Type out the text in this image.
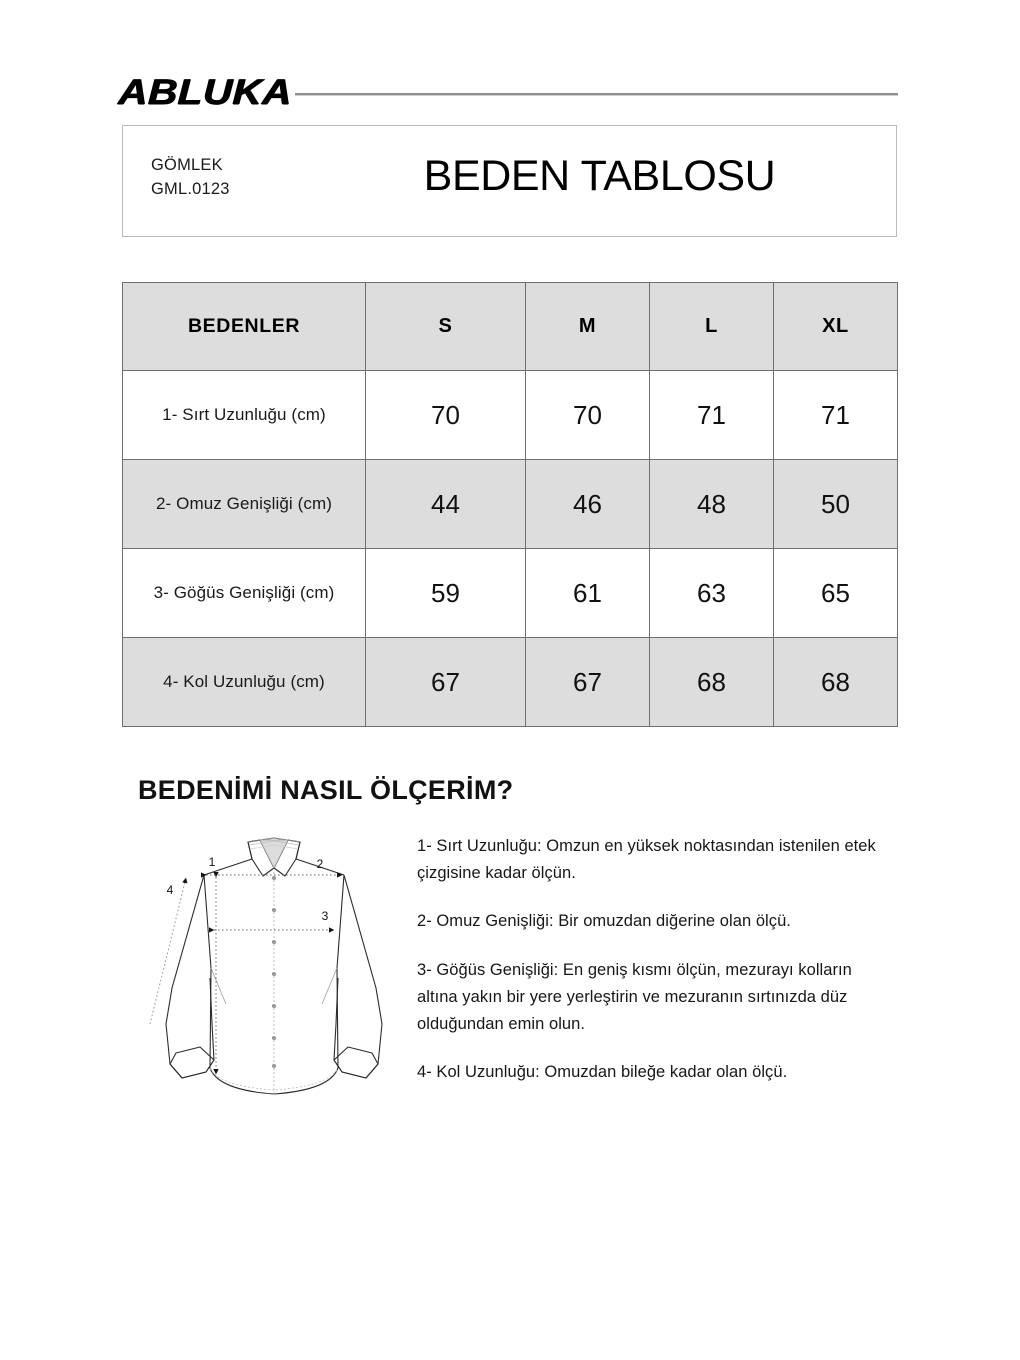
ABLUKA
GÖMLEK
GML.0123	BEDEN TABLOSU
BEDENLER	S	M	L	XL
1- Sırt Uzunluğu (cm)	70	70	71	71
2- Omuz Genişliği (cm)	44	46	48	50
3- Göğüs Genişliği (cm)	59	61	63	65
4- Kol Uzunluğu (cm)	67	67	68	68
BEDENİMİ NASIL ÖLÇERİM?
1	2
3
4

1- Sırt Uzunluğu: Omzun en yüksek noktasından istenilen etek çizgisine kadar ölçün.

2- Omuz Genişliği: Bir omuzdan diğerine olan ölçü.

3- Göğüs Genişliği: En geniş kısmı ölçün, mezurayı kolların altına yakın bir yere yerleştirin ve mezuranın sırtınızda düz olduğundan emin olun.

4- Kol Uzunluğu: Omuzdan bileğe kadar olan ölçü.
